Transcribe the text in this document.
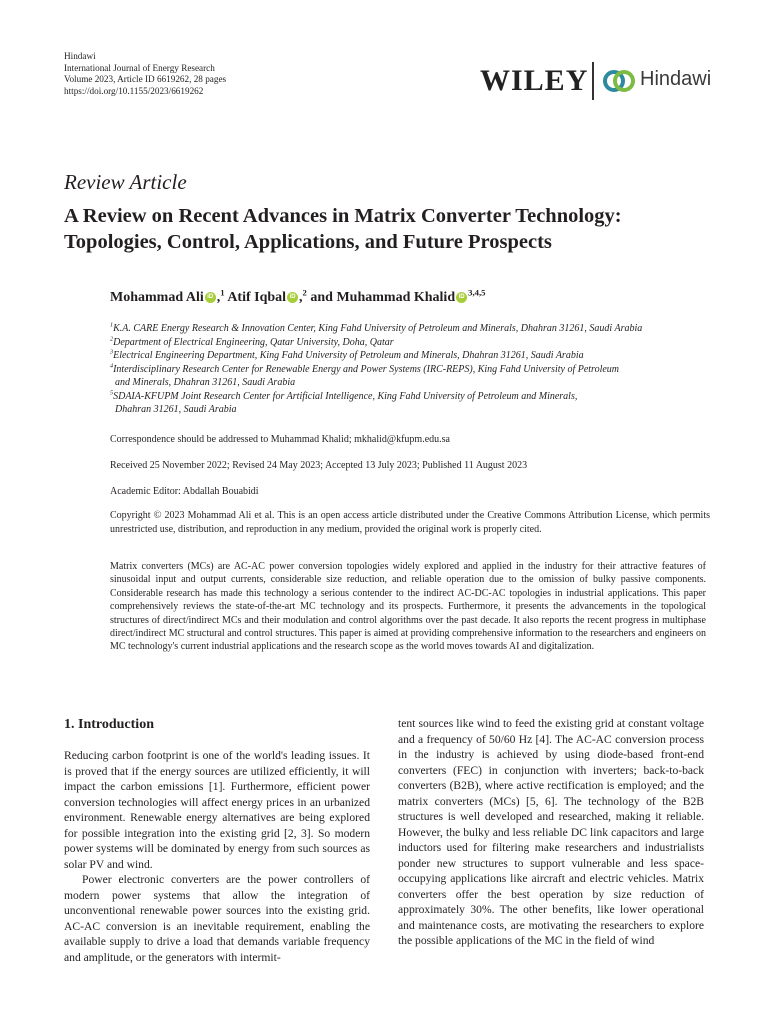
Hindawi
International Journal of Energy Research
Volume 2023, Article ID 6619262, 28 pages
https://doi.org/10.1155/2023/6619262	WILEY	Hindawi
Review Article
A Review on Recent Advances in Matrix Converter Technology: Topologies, Control, Applications, and Future Prospects
Mohammad Ali iD ,$^1$ Atif Iqbal iD ,$^2$ and Muhammad Khalid iD $^{3,4,5}$

$^1$K.A. CARE Energy Research & Innovation Center, King Fahd University of Petroleum and Minerals, Dhahran 31261, Saudi Arabia

$^2$Department of Electrical Engineering, Qatar University, Doha, Qatar

$^3$Electrical Engineering Department, King Fahd University of Petroleum and Minerals, Dhahran 31261, Saudi Arabia

$^4$Interdisciplinary Research Center for Renewable Energy and Power Systems (IRC-REPS), King Fahd University of Petroleum

and Minerals, Dhahran 31261, Saudi Arabia

$^5$SDAIA-KFUPM Joint Research Center for Artificial Intelligence, King Fahd University of Petroleum and Minerals,

Dhahran 31261, Saudi Arabia

Correspondence should be addressed to Muhammad Khalid; mkhalid@kfupm.edu.sa
Received 25 November 2022; Revised 24 May 2023; Accepted 13 July 2023; Published 11 August 2023
Academic Editor: Abdallah Bouabidi
Copyright © 2023 Mohammad Ali et al. This is an open access article distributed under the Creative Commons Attribution License, which permits unrestricted use, distribution, and reproduction in any medium, provided the original work is properly cited.
Matrix converters (MCs) are AC-AC power conversion topologies widely explored and applied in the industry for their attractive features of sinusoidal input and output currents, considerable size reduction, and reliable operation due to the omission of bulky passive components. Considerable research has made this technology a serious contender to the indirect AC-DC-AC topologies in industrial applications. This paper comprehensively reviews the state-of-the-art MC technology and its prospects. Furthermore, it presents the advancements in the topological structures of direct/indirect MCs and their modulation and control algorithms over the past decade. It also reports the recent progress in multiphase direct/indirect MC structural and control structures. This paper is aimed at providing comprehensive information to the researchers and engineers on MC technology's current industrial applications and the research scope as the world moves towards AI and digitalization.
1. Introduction

Reducing carbon footprint is one of the world's leading issues. It is proved that if the energy sources are utilized efficiently, it will impact the carbon emissions [1]. Furthermore, efficient power conversion technologies will affect energy prices in an urbanized environment. Renewable energy alternatives are being explored for possible integration into the existing grid [2, 3]. So modern power systems will be dominated by energy from such sources as solar PV and wind.

Power electronic converters are the power controllers of modern power systems that allow the integration of unconventional renewable power sources into the existing grid. AC-AC conversion is an inevitable requirement, enabling the available supply to drive a load that demands variable frequency and amplitude, or the generators with intermit-

tent sources like wind to feed the existing grid at constant voltage and a frequency of 50/60 Hz [4]. The AC-AC conversion process in the industry is achieved by using diode-based front-end converters (FEC) in conjunction with inverters; back-to-back converters (B2B), where active rectification is employed; and the matrix converters (MCs) [5, 6]. The technology of the B2B structures is well developed and researched, making it reliable. However, the bulky and less reliable DC link capacitors and large inductors used for filtering make researchers and industrialists ponder new structures to support vulnerable and less space-occupying applications like aircraft and electric vehicles. Matrix converters offer the best operation by size reduction of approximately 30%. The other benefits, like lower operational and maintenance costs, are motivating the researchers to explore the possible applications of the MC in the field of wind
